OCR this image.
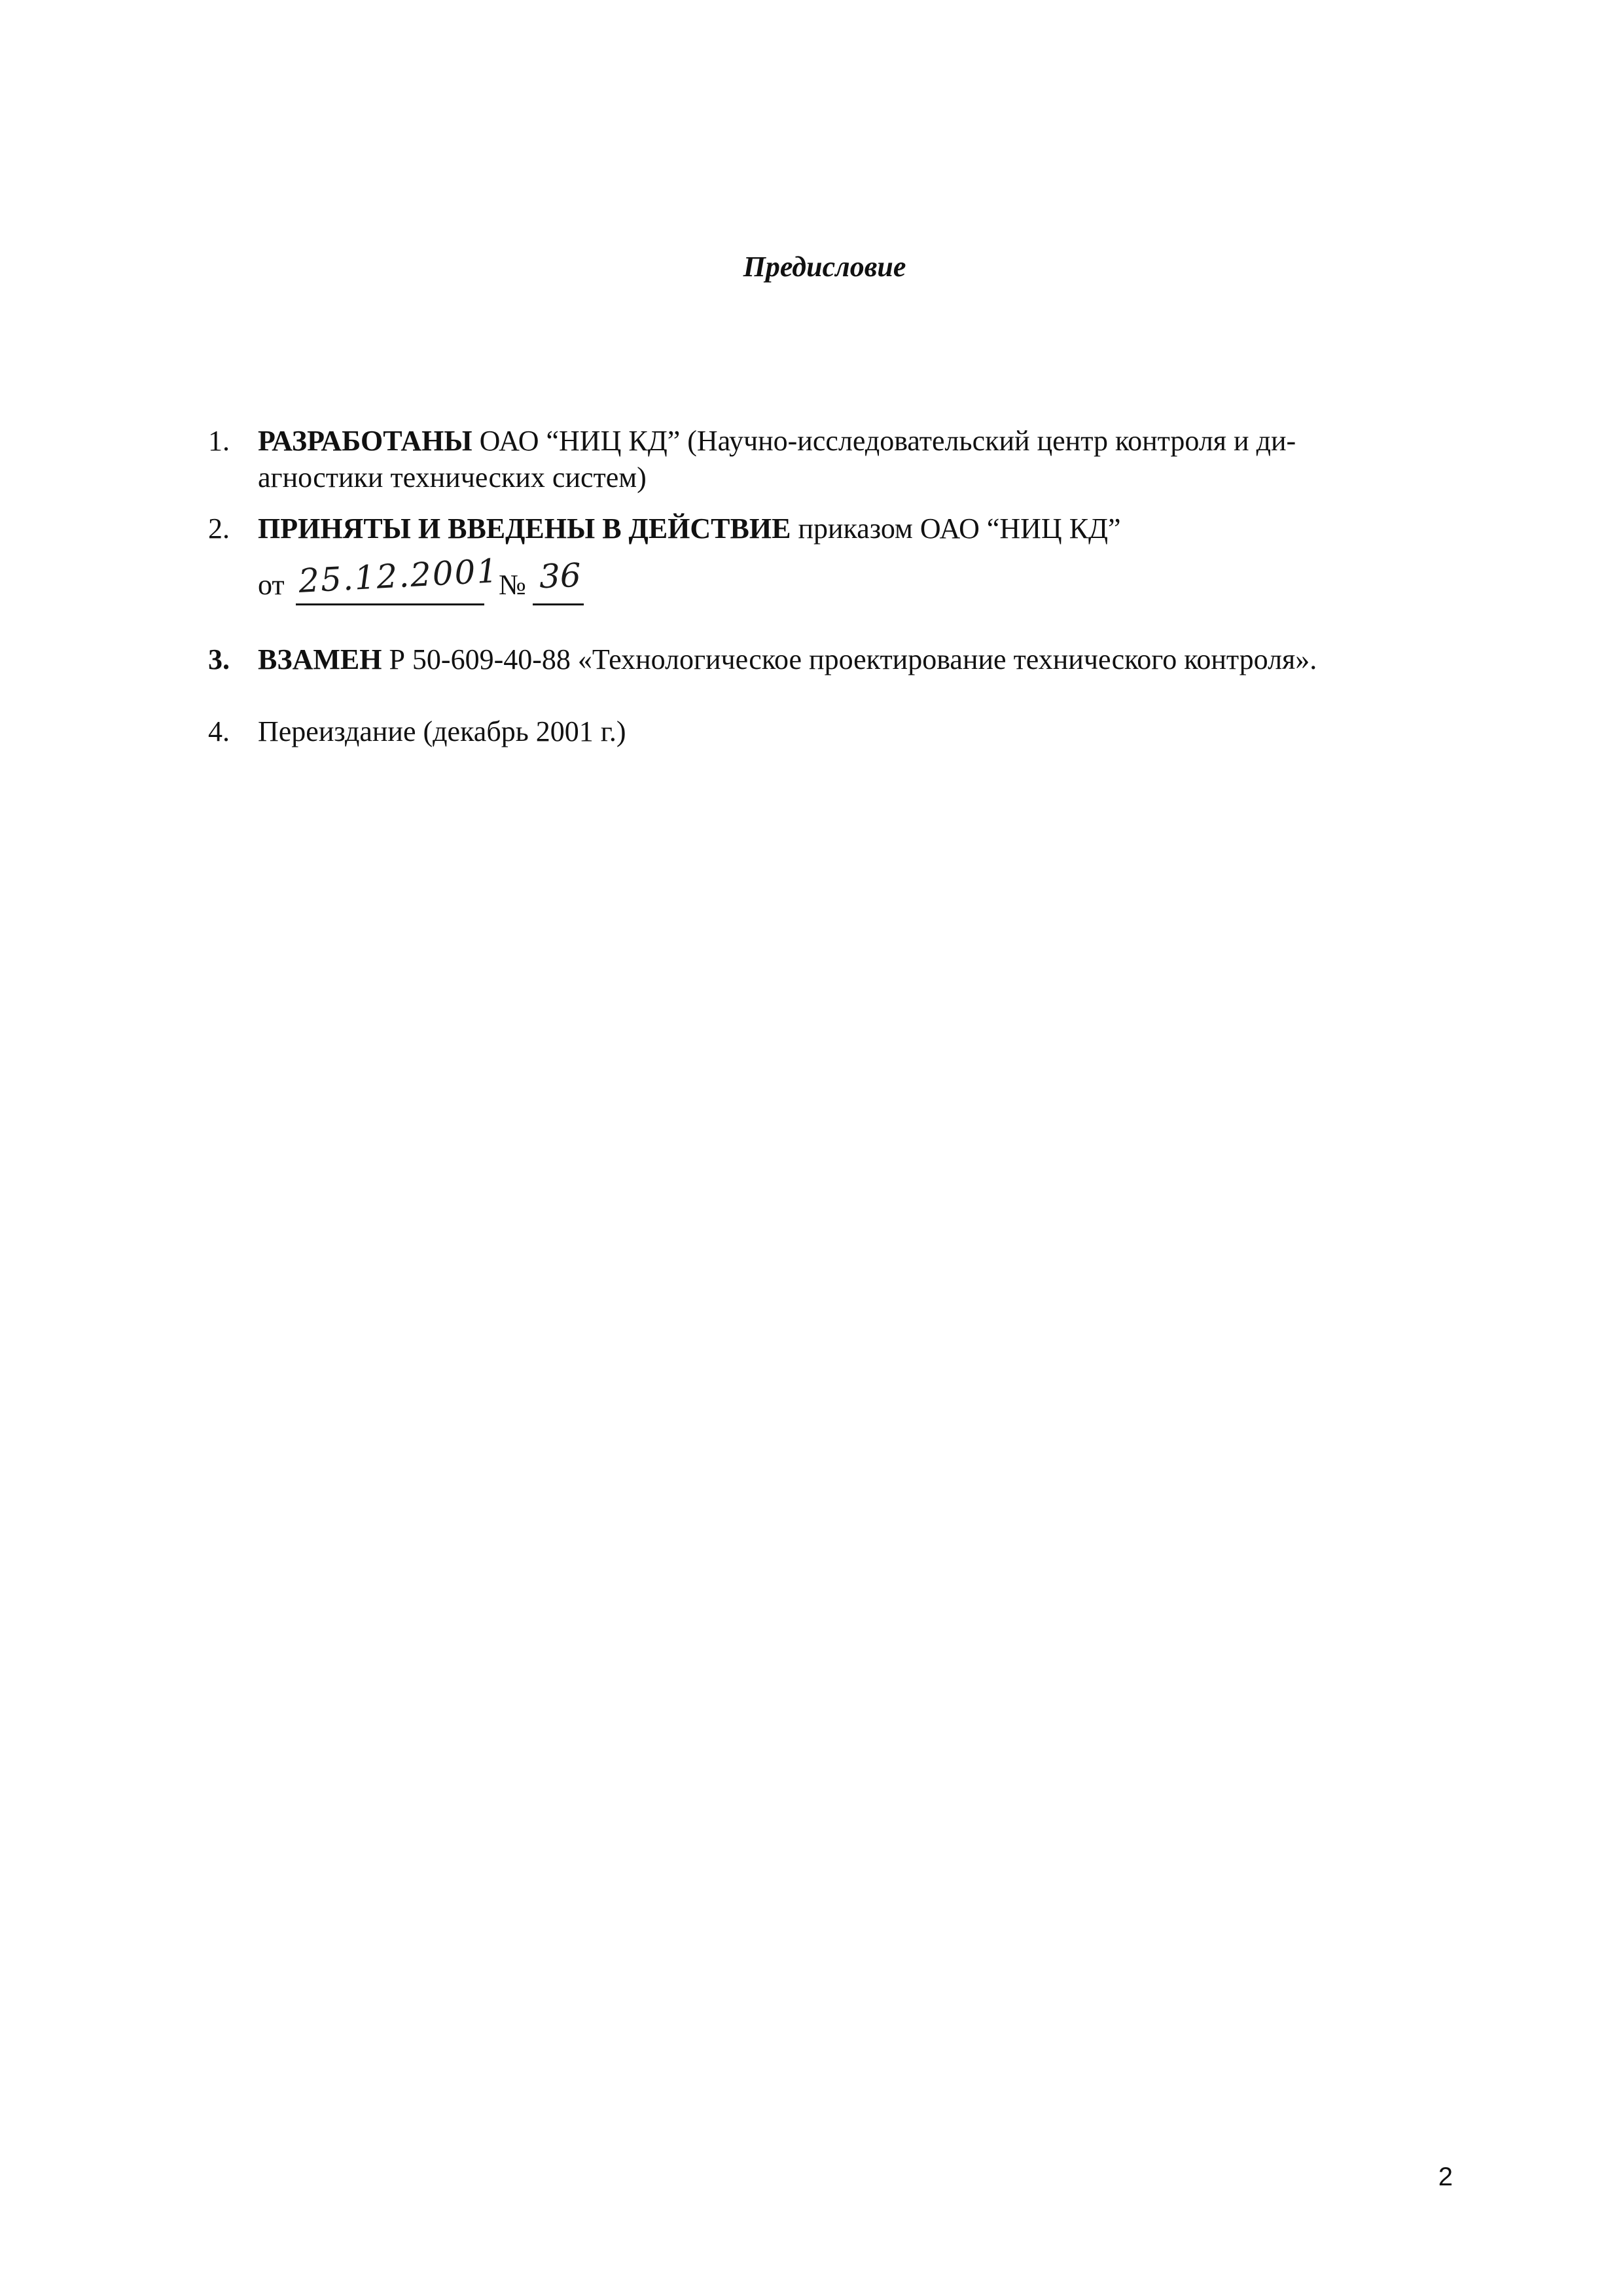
Предисловие
1. РАЗРАБОТАНЫ ОАО “НИЦ КД” (Научно-исследовательский центр контроля и ди-
агностики технических систем)
2. ПРИНЯТЫ И ВВЕДЕНЫ В ДЕЙСТВИЕ приказом ОАО “НИЦ КД”
от 25.12.2001
№ 36
3. ВЗАМЕН Р 50-609-40-88 «Технологическое проектирование технического контроля».
4. Переиздание (декабрь 2001 г.)
2
